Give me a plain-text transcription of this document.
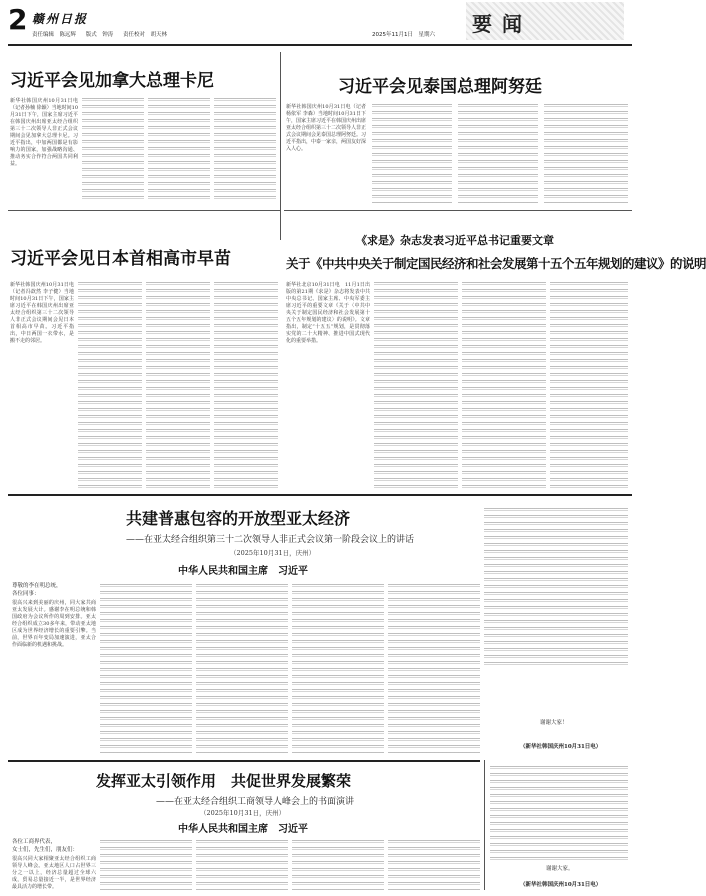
2 赣州日报
责任编辑　陈远辉 版式　钟涛 责任校对　胡天林	2025年11月1日　星期六 要闻
习近平会见加拿大总理卡尼
新华社韩国庆州10月31日电（记者孙楠 徐颖）当地时间10月31日下午，国家主席习近平在韩国庆州出席亚太经合组织第三十二次领导人非正式会议期间会见加拿大总理卡尼。习近平指出，中加两国都是有影响力的国家，加强战略沟通、推动务实合作符合两国共同利益。
习近平会见泰国总理阿努廷
新华社韩国庆州10月31日电（记者杨依军 李森）当地时间10月31日下午，国家主席习近平在韩国庆州出席亚太经合组织第三十二次领导人非正式会议期间会见泰国总理阿努廷。习近平指出，中泰一家亲，两国友好深入人心。
习近平会见日本首相高市早苗
新华社韩国庆州10月31日电（记者冯歆然 李子健）当地时间10月31日下午，国家主席习近平在韩国庆州出席亚太经合组织第三十二次领导人非正式会议期间会见日本首相高市早苗。习近平指出，中日两国一衣带水，是搬不走的邻居。
《求是》杂志发表习近平总书记重要文章
关于《中共中央关于制定国民经济和社会发展第十五个五年规划的建议》的说明
新华社北京10月31日电　11月1日出版的第21期《求是》杂志将发表中共中央总书记、国家主席、中央军委主席习近平的重要文章《关于〈中共中央关于制定国民经济和社会发展第十五个五年规划的建议〉的说明》。文章指出，制定“十五五”规划，是贯彻落实党的二十大精神、推进中国式现代化的重要举措。
共建普惠包容的开放型亚太经济
——在亚太经合组织第三十二次领导人非正式会议第一阶段会议上的讲话
（2025年10月31日，庆州）
中华人民共和国主席　习近平
尊敬的李在明总统，
各位同事：
很高兴来到美丽的庆州，同大家共商亚太发展大计。感谢李在明总统和韩国政府为会议所作的周到安排。亚太经合组织成立30多年来，带动亚太地区成为世界经济增长的重要引擎。当前，世界百年变局加速演进，亚太合作面临新的机遇和挑战。
谢谢大家！
（新华社韩国庆州10月31日电）
发挥亚太引领作用　共促世界发展繁荣
——在亚太经合组织工商领导人峰会上的书面演讲
（2025年10月31日，庆州）
中华人民共和国主席　习近平
各位工商界代表，
女士们，先生们，朋友们：
很高兴同大家相聚亚太经合组织工商领导人峰会。亚太地区人口占世界三分之一以上，经济总量超过全球六成，贸易总量接近一半，是世界经济最具活力的增长带。
谢谢大家。
（新华社韩国庆州10月31日电）
